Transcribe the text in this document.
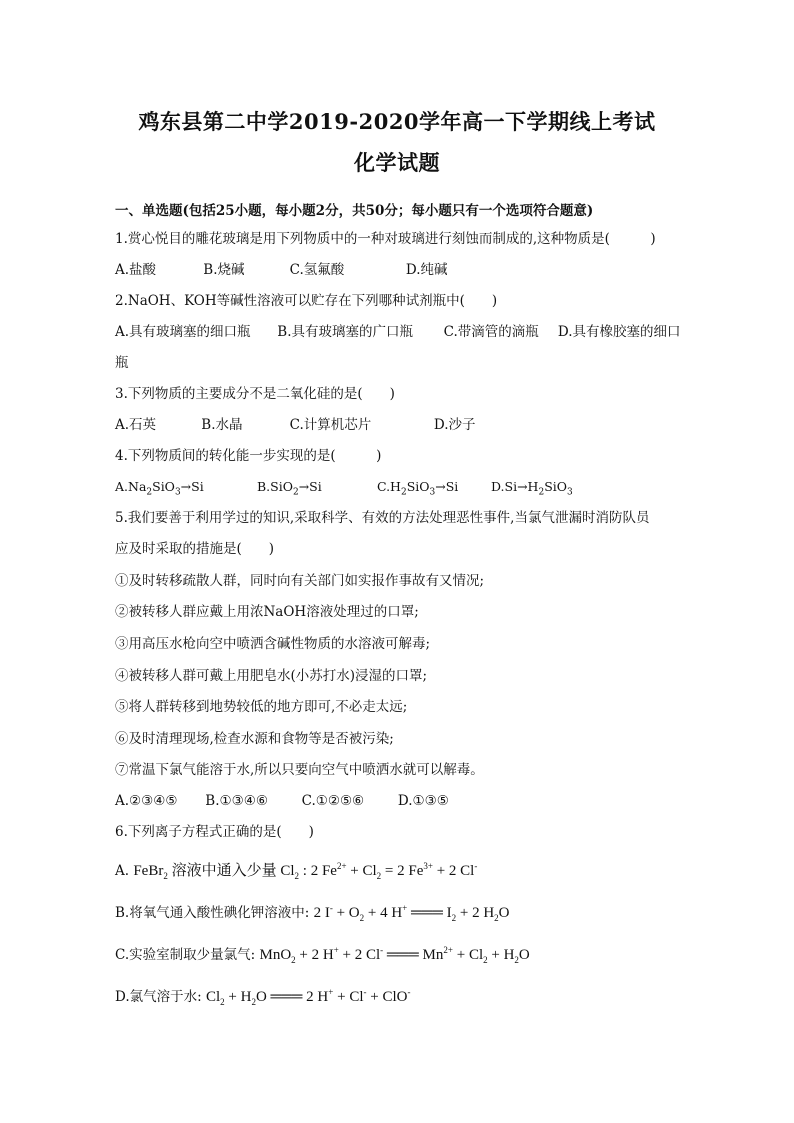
鸡东县第二中学2019-2020学年高一下学期线上考试
化学试题
一、单选题(包括25小题，每小题2分，共50分；每小题只有一个选项符合题意)
1.赏心悦目的雕花玻璃是用下列物质中的一种对玻璃进行刻蚀而制成的,这种物质是(　　　)
A.盐酸	B.烧碱	C.氢氟酸	D.纯碱
2.NaOH、KOH等碱性溶液可以贮存在下列哪种试剂瓶中(　　)
A.具有玻璃塞的细口瓶 B.具有玻璃塞的广口瓶 C.带滴管的滴瓶 D.具有橡胶塞的细口
瓶
3.下列物质的主要成分不是二氧化硅的是(　　)
A.石英	B.水晶	C.计算机芯片	D.沙子
4.下列物质间的转化能一步实现的是(　　　)
$A.Na_2SiO_3\to Si$	B.SiO$_2$→Si	$C.H_2SiO_3\to Si$	$D.Si\to H_2SiO_3$
5.我们要善于利用学过的知识,采取科学、有效的方法处理恶性事件,当氯气泄漏时消防队员
应及时采取的措施是(　　)
①及时转移疏散人群，同时向有关部门如实报作事故有又情况;
②被转移人群应戴上用浓NaOH溶液处理过的口罩;
③用高压水枪向空中喷洒含碱性物质的水溶液可解毒;
④被转移人群可戴上用肥皂水(小苏打水)浸湿的口罩;
⑤将人群转移到地势较低的地方即可,不必走太远;
⑥及时清理现场,检查水源和食物等是否被污染;
⑦常温下氯气能溶于水,所以只要向空气中喷洒水就可以解毒。
A.②③④⑤ B.①③④⑥ C.①②⑤⑥ D.①③⑤
6.下列离子方程式正确的是(　　)
A. FeBr$_2$ 溶液中通入少量 $Cl_2$ : 2 $Fe^{2+} + Cl_2 = 2$ $Fe^{3+} + 2$ Cl-
B.将氧气通入酸性碘化钾溶液中: 2 $I^- + O_2 + 4$ H+ ═══ $I_2 + 2$ $H_2O$
C.实验室制取少量氯气: MnO$_2$ + 2 H+ + 2 Cl- ═══ $Mn^{2+} + Cl_2 + H_2O$
D.氯气溶于水: $Cl_2 + H_2O$ ═══ 2 H+ + Cl- + ClO-
